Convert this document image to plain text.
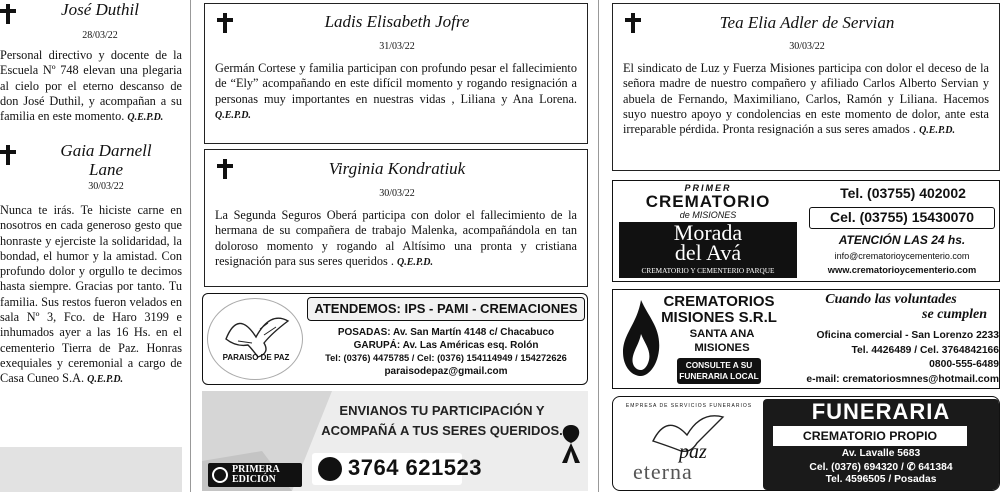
José Duthil
28/03/22
Personal directivo y docente de la Escuela Nº 748 elevan una plegaria al cielo por el eterno descanso de don José Duthil, y acompañan a su familia en este momento. Q.E.P.D.
Gaia Darnell
Lane
30/03/22
Nunca te irás. Te hiciste carne en nosotros en cada generoso gesto que honraste y ejerciste la solidaridad, la bondad, el humor y la amistad. Con profundo dolor y orgullo te decimos hasta siempre. Gracias por tanto. Tu familia. Sus restos fueron velados en sala Nº 3, Fco. de Haro 3199 e inhumados ayer a las 16 Hs. en el cementerio Tierra de Paz. Honras exequiales y ceremonial a cargo de Casa Cuneo S.A. Q.E.P.D.
Ladis Elisabeth Jofre
31/03/22
Germán Cortese y familia participan con profundo pesar el fallecimiento de “Ely” acompañando en este difícil momento y rogando resignación a personas muy importantes en nuestras vidas , Liliana y Ana Lorena. Q.E.P.D.
Virginia Kondratiuk
30/03/22
La Segunda Seguros Oberá participa con dolor el fallecimiento de la hermana de su compañera de trabajo Malenka, acompañándola en tan doloroso momento y rogando al Altísimo una pronta y cristiana resignación para sus seres queridos . Q.E.P.D.
PARAISO DE PAZ
ATENDEMOS: IPS - PAMI - CREMACIONES
POSADAS: Av. San Martín 4148 c/ Chacabuco
GARUPÁ: Av. Las Américas esq. Rolón
Tel: (0376) 4475785 / Cel: (0376) 154114949 / 154272626
paraisodepaz@gmail.com
ENVIANOS TU PARTICIPACIÓN Y
ACOMPAÑÁ A TUS SERES QUERIDOS.
3764 621523
PRIMERA
EDICIÓN
Tea Elia Adler de Servian
30/03/22
El sindicato de Luz y Fuerza Misiones participa con dolor el deceso de la señora madre de nuestro compañero y afiliado Carlos Alberto Servian y abuela de Fernando, Maximiliano, Carlos, Ramón y Liliana. Hacemos suyo nuestro apoyo y condolencias en este momento de dolor, ante esta irreparable pérdida. Pronta resignación a sus seres amados . Q.E.P.D.
PRIMER
CREMATORIO
de MISIONES
Morada
del Avá
CREMATORIO Y CEMENTERIO PARQUE
Tel. (03755) 402002
Cel. (03755) 15430070
ATENCIÓN LAS 24 hs.
info@crematorioycementerio.com
www.crematorioycementerio.com
CREMATORIOS
MISIONES S.R.L
SANTA ANA
MISIONES
CONSULTE A SU
FUNERARIA LOCAL
Cuando las voluntades
se cumplen
Oficina comercial - San Lorenzo 2233
Tel. 4426489 / Cel. 3764842166
0800-555-6489
e-mail: crematoriosmnes@hotmail.com
EMPRESA DE SERVICIOS FUNERARIOS
paz
eterna
FUNERARIA
CREMATORIO PROPIO
Av. Lavalle 5683
Cel. (0376) 694320 / ✆ 641384
Tel. 4596505 / Posadas
